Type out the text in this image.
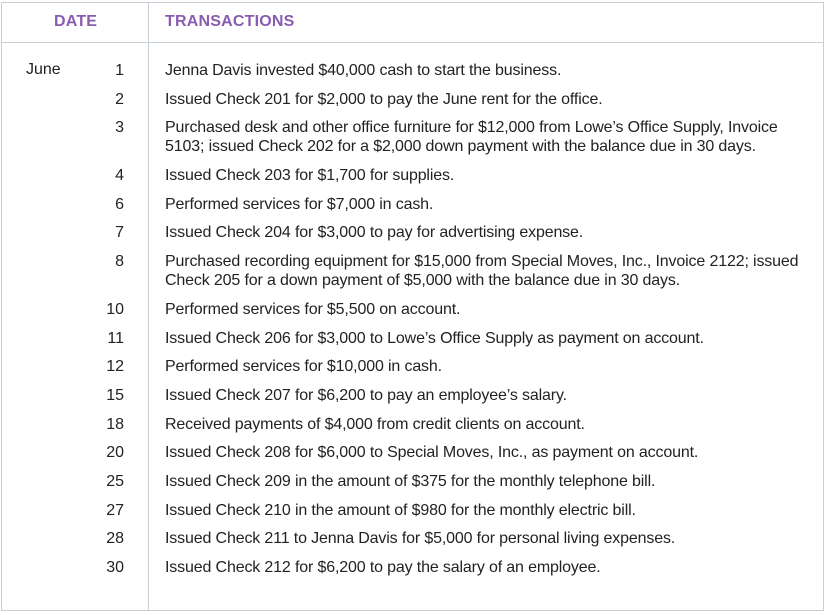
DATE	TRANSACTIONS
June	1	Jenna Davis invested $40,000 cash to start the business.
2	Issued Check 201 for $2,000 to pay the June rent for the office.
3	Purchased desk and other office furniture for $12,000 from Lowe’s Office Supply, Invoice 5103; issued Check 202 for a $2,000 down payment with the balance due in 30 days.
4	Issued Check 203 for $1,700 for supplies.
6	Performed services for $7,000 in cash.
7	Issued Check 204 for $3,000 to pay for advertising expense.
8	Purchased recording equipment for $15,000 from Special Moves, Inc., Invoice 2122; issued Check 205 for a down payment of $5,000 with the balance due in 30 days.
10	Performed services for $5,500 on account.
11	Issued Check 206 for $3,000 to Lowe’s Office Supply as payment on account.
12	Performed services for $10,000 in cash.
15	Issued Check 207 for $6,200 to pay an employee’s salary.
18	Received payments of $4,000 from credit clients on account.
20	Issued Check 208 for $6,000 to Special Moves, Inc., as payment on account.
25	Issued Check 209 in the amount of $375 for the monthly telephone bill.
27	Issued Check 210 in the amount of $980 for the monthly electric bill.
28	Issued Check 211 to Jenna Davis for $5,000 for personal living expenses.
30	Issued Check 212 for $6,200 to pay the salary of an employee.
